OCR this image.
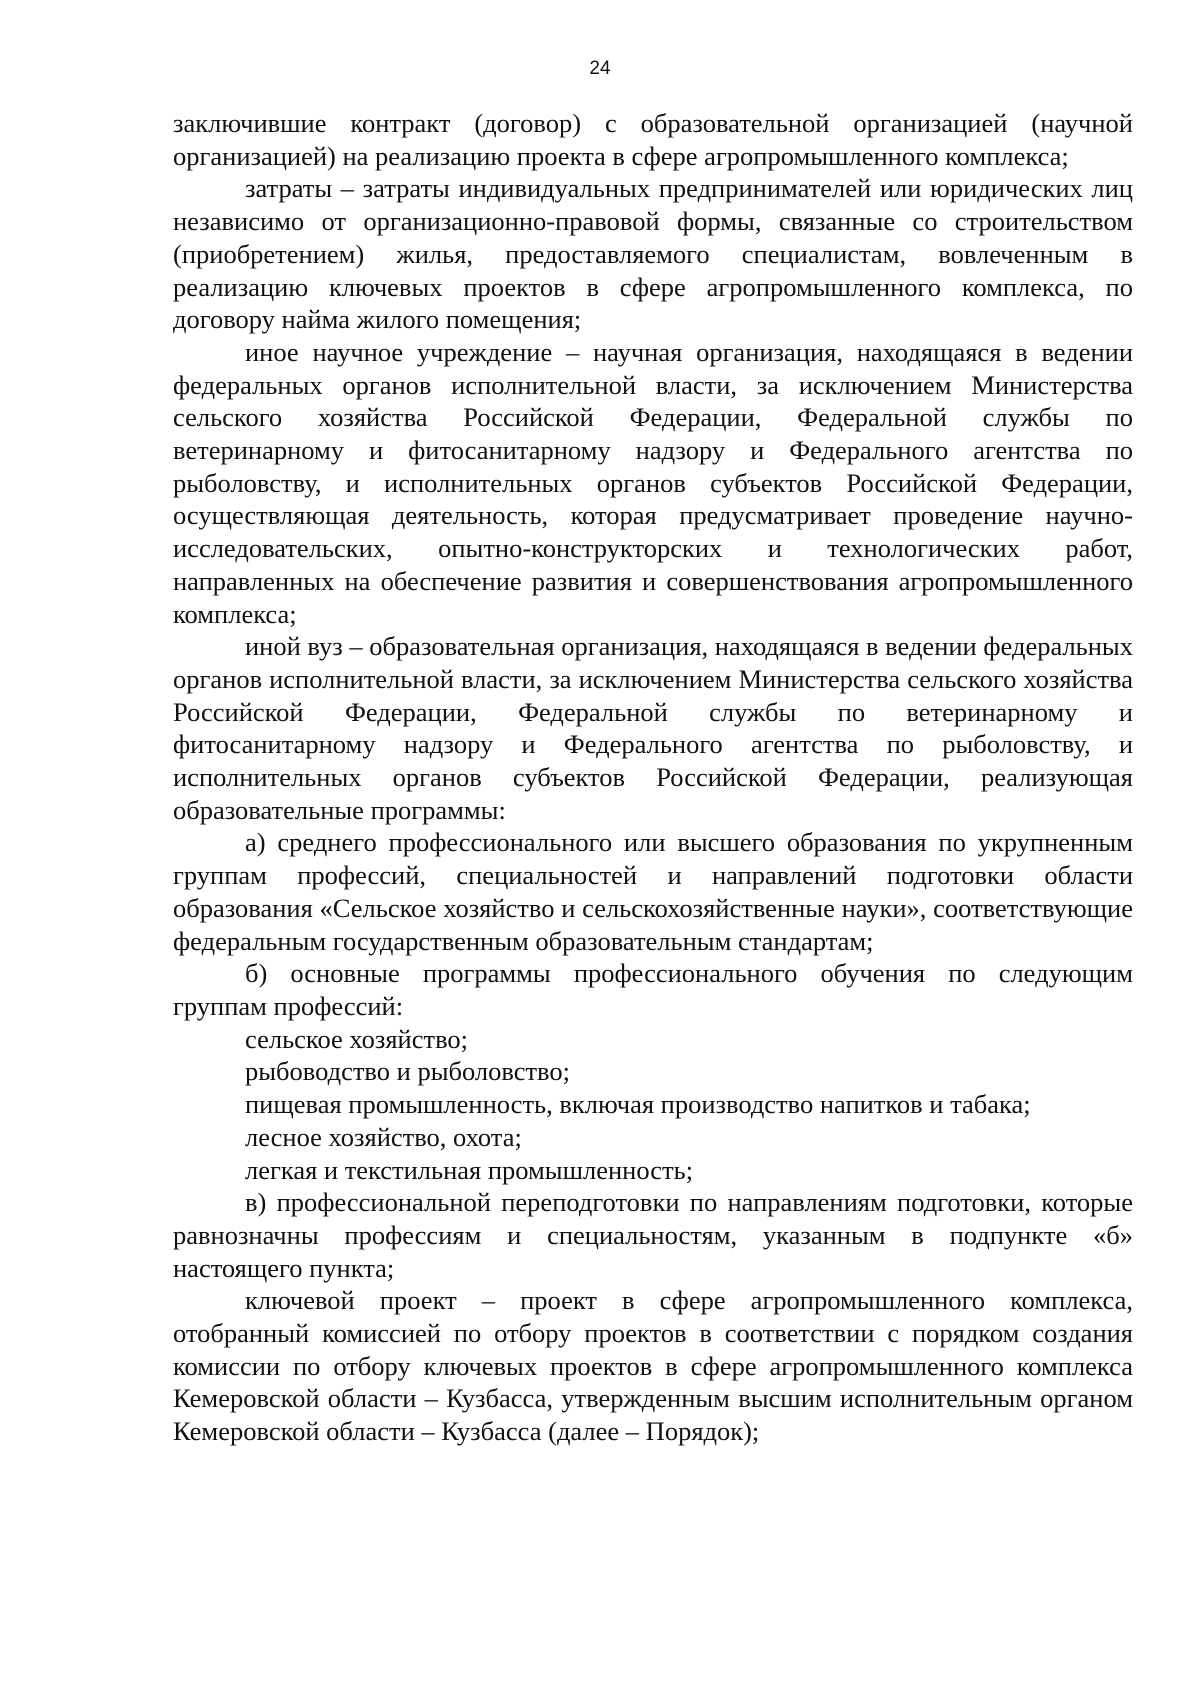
24

заключившие контракт (договор) с образовательной организацией (научной организацией) на реализацию проекта в сфере агропромышленного комплекса;

затраты – затраты индивидуальных предпринимателей или юридических лиц независимо от организационно-правовой формы, связанные со строительством (приобретением) жилья, предоставляемого специалистам, вовлеченным в реализацию ключевых проектов в сфере агропромышленного комплекса, по договору найма жилого помещения;

иное научное учреждение – научная организация, находящаяся в ведении федеральных органов исполнительной власти, за исключением Министерства сельского хозяйства Российской Федерации, Федеральной службы по ветеринарному и фитосанитарному надзору и Федерального агентства по рыболовству, и исполнительных органов субъектов Российской Федерации, осуществляющая деятельность, которая предусматривает проведение научно-исследовательских, опытно-конструкторских и технологических работ, направленных на обеспечение развития и совершенствования агропромышленного комплекса;

иной вуз – образовательная организация, находящаяся в ведении федеральных органов исполнительной власти, за исключением Министерства сельского хозяйства Российской Федерации, Федеральной службы по ветеринарному и фитосанитарному надзору и Федерального агентства по рыболовству, и исполнительных органов субъектов Российской Федерации, реализующая образовательные программы:

а) среднего профессионального или высшего образования по укрупненным группам профессий, специальностей и направлений подготовки области образования «Сельское хозяйство и сельскохозяйственные науки», соответствующие федеральным государственным образовательным стандартам;

б) основные программы профессионального обучения по следующим группам профессий:

сельское хозяйство;

рыбоводство и рыболовство;

пищевая промышленность, включая производство напитков и табака;

лесное хозяйство, охота;

легкая и текстильная промышленность;

в) профессиональной переподготовки по направлениям подготовки, которые равнозначны профессиям и специальностям, указанным в подпункте «б» настоящего пункта;

ключевой проект – проект в сфере агропромышленного комплекса, отобранный комиссией по отбору проектов в соответствии с порядком создания комиссии по отбору ключевых проектов в сфере агропромышленного комплекса Кемеровской области – Кузбасса, утвержденным высшим исполнительным органом Кемеровской области – Кузбасса (далее – Порядок);
